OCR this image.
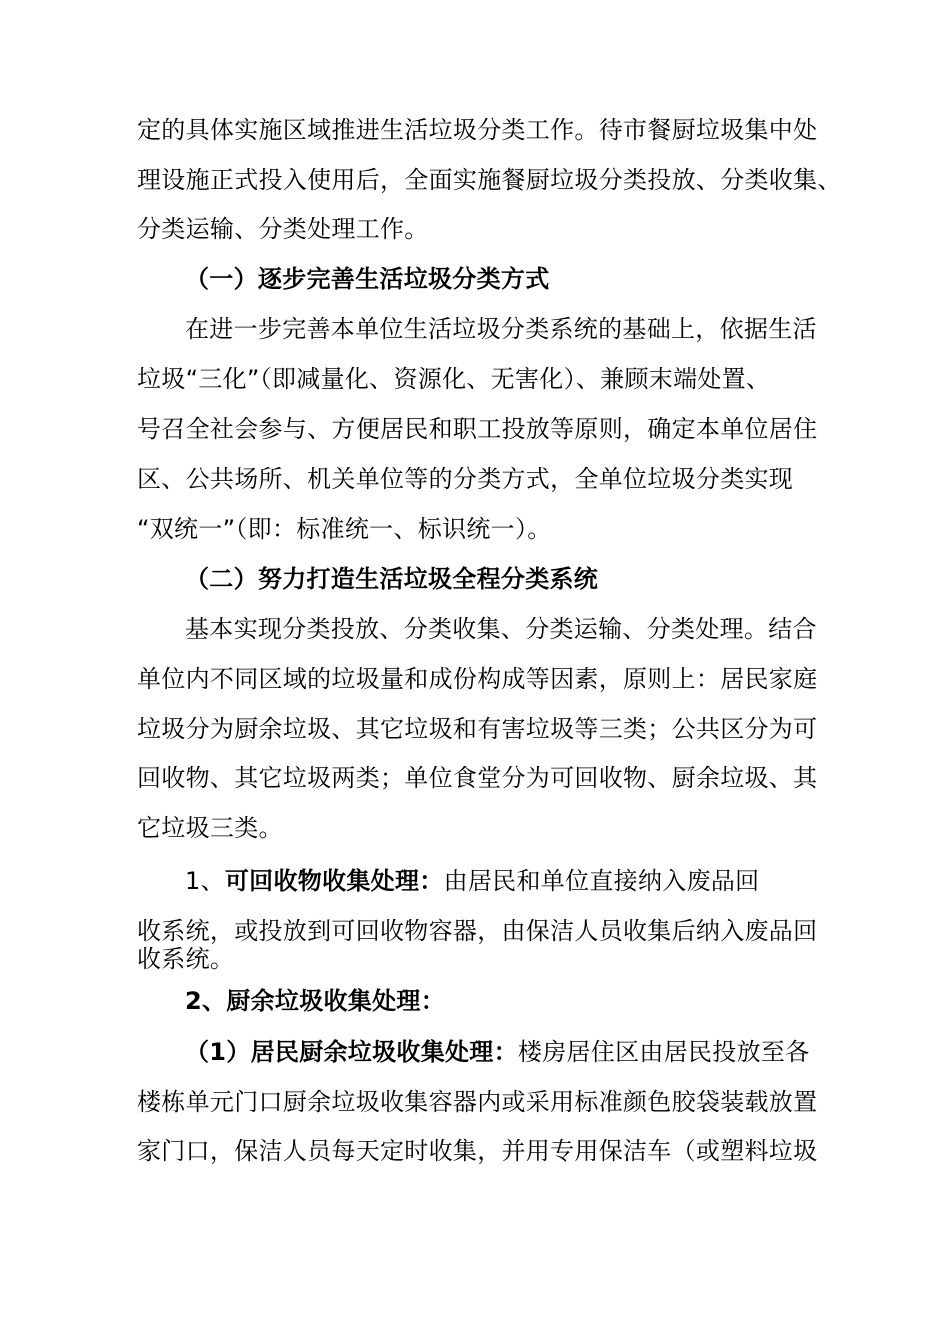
定的具体实施区域推进生活垃圾分类工作。待市餐厨垃圾集中处
理设施正式投入使用后，全面实施餐厨垃圾分类投放、分类收集、
分类运输、分类处理工作。
（一）逐步完善生活垃圾分类方式
在进一步完善本单位生活垃圾分类系统的基础上，依据生活
垃圾“三化”（即减量化、资源化、无害化）、兼顾末端处置、
号召全社会参与、方便居民和职工投放等原则，确定本单位居住
区、公共场所、机关单位等的分类方式，全单位垃圾分类实现
“双统一”（即：标准统一、标识统一）。
（二）努力打造生活垃圾全程分类系统
基本实现分类投放、分类收集、分类运输、分类处理。结合
单位内不同区域的垃圾量和成份构成等因素，原则上：居民家庭
垃圾分为厨余垃圾、其它垃圾和有害垃圾等三类；公共区分为可
回收物、其它垃圾两类；单位食堂分为可回收物、厨余垃圾、其
它垃圾三类。
1、可回收物收集处理：由居民和单位直接纳入废品回
收系统，或投放到可回收物容器，由保洁人员收集后纳入废品回
收系统。
2、厨余垃圾收集处理：
（1）居民厨余垃圾收集处理：楼房居住区由居民投放至各
楼栋单元门口厨余垃圾收集容器内或采用标准颜色胶袋装载放置
家门口，保洁人员每天定时收集，并用专用保洁车（或塑料垃圾
